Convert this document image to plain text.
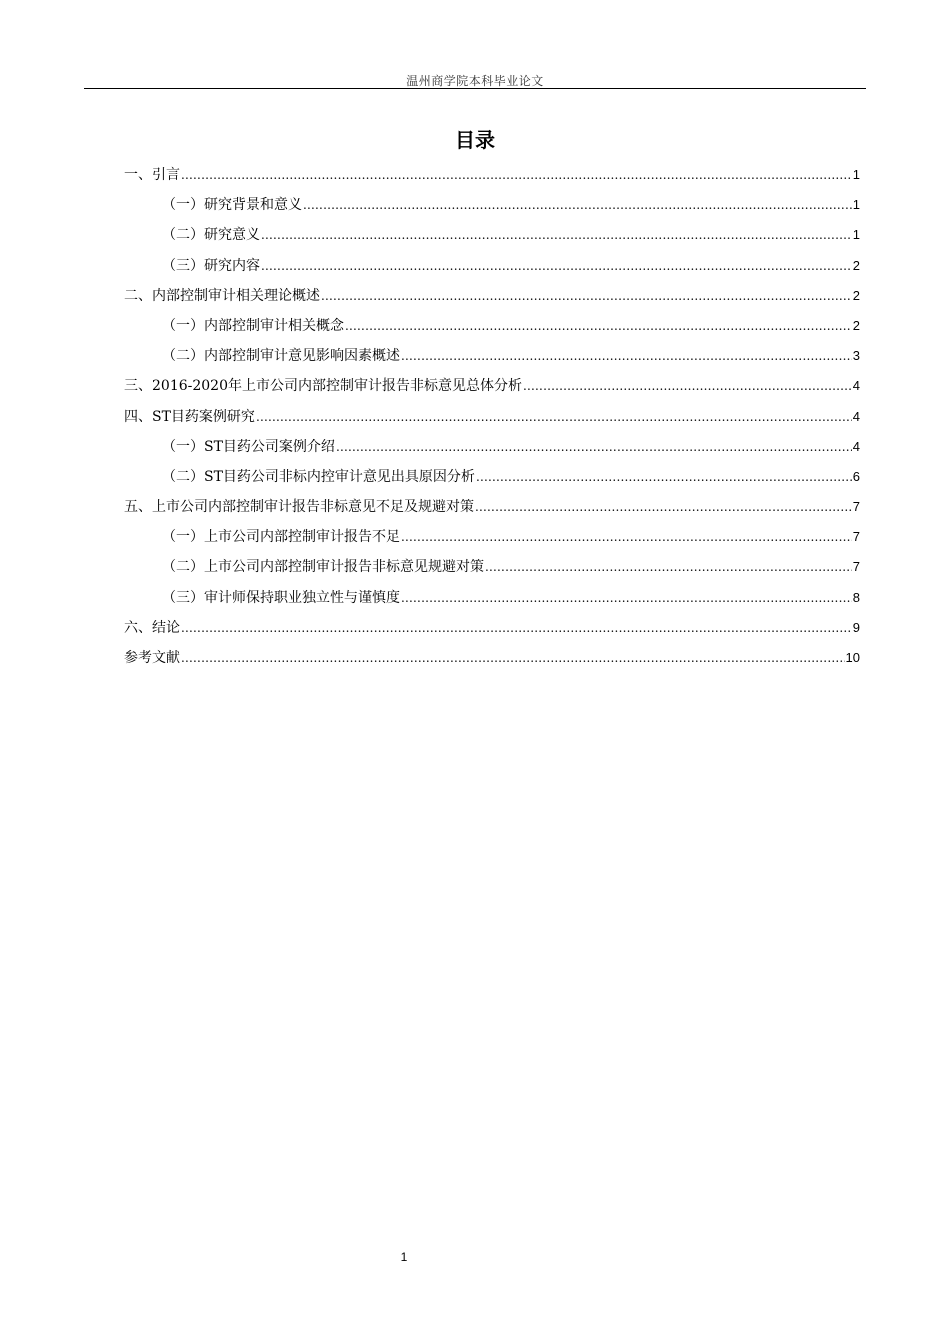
温州商学院本科毕业论文
目录
一、引言 .....	1
（一）研究背景和意义 .....	1
（二）研究意义 .....	1
（三）研究内容 .....	2
二、内部控制审计相关理论概述 .....	2
（一）内部控制审计相关概念 .....	2
（二）内部控制审计意见影响因素概述 .....	3
三、2016-2020年上市公司内部控制审计报告非标意见总体分析 .....	4
四、ST目药案例研究 .....	4
（一）ST目药公司案例介绍 .....	4
（二）ST目药公司非标内控审计意见出具原因分析 .....	6
五、上市公司内部控制审计报告非标意见不足及规避对策 .....	7
（一）上市公司内部控制审计报告不足 .....	7
（二）上市公司内部控制审计报告非标意见规避对策 .....	7
（三）审计师保持职业独立性与谨慎度 .....	8
六、结论 .....	9
参考文献 .....	10
1
